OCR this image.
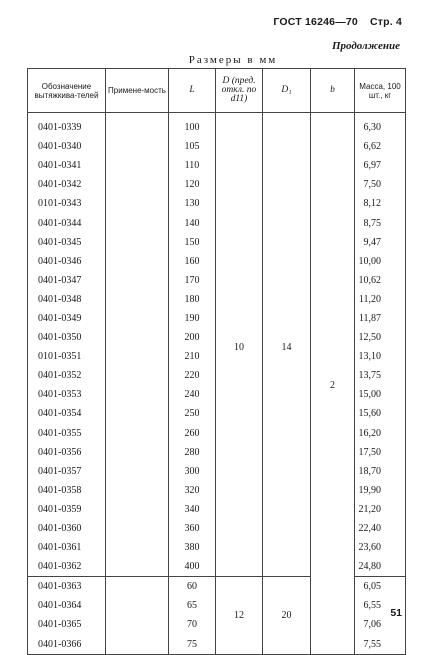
ГОСТ 16246—70 Стр. 4
Продолжение
Размеры в мм
Обозначение вытяжкива-телей	Примене-мость	L	D (пред. откл. по d11)	D₁	b	Масса, 100 шт., кг

0401-0339		100	10	14	2	6,30
0401-0340		105				6,62
0401-0341		110				6,97
0401-0342		120				7,50
0101-0343		130				8,12
0401-0344		140				8,75
0401-0345		150				9,47
0401-0346		160				10,00
0401-0347		170				10,62
0401-0348		180				11,20
0401-0349		190				11,87
0401-0350		200				12,50
0101-0351		210				13,10
0401-0352		220				13,75
0401-0353		240				15,00
0401-0354		250				15,60
0401-0355		260				16,20
0401-0356		280				17,50
0401-0357		300				18,70
0401-0358		320				19,90
0401-0359		340				21,20
0401-0360		360				22,40
0401-0361		380				23,60
0401-0362		400				24,80
0401-0363		60	12	20		6,05
0401-0364		65				6,55
0401-0365		70				7,06
0401-0366		75				7,55
51
